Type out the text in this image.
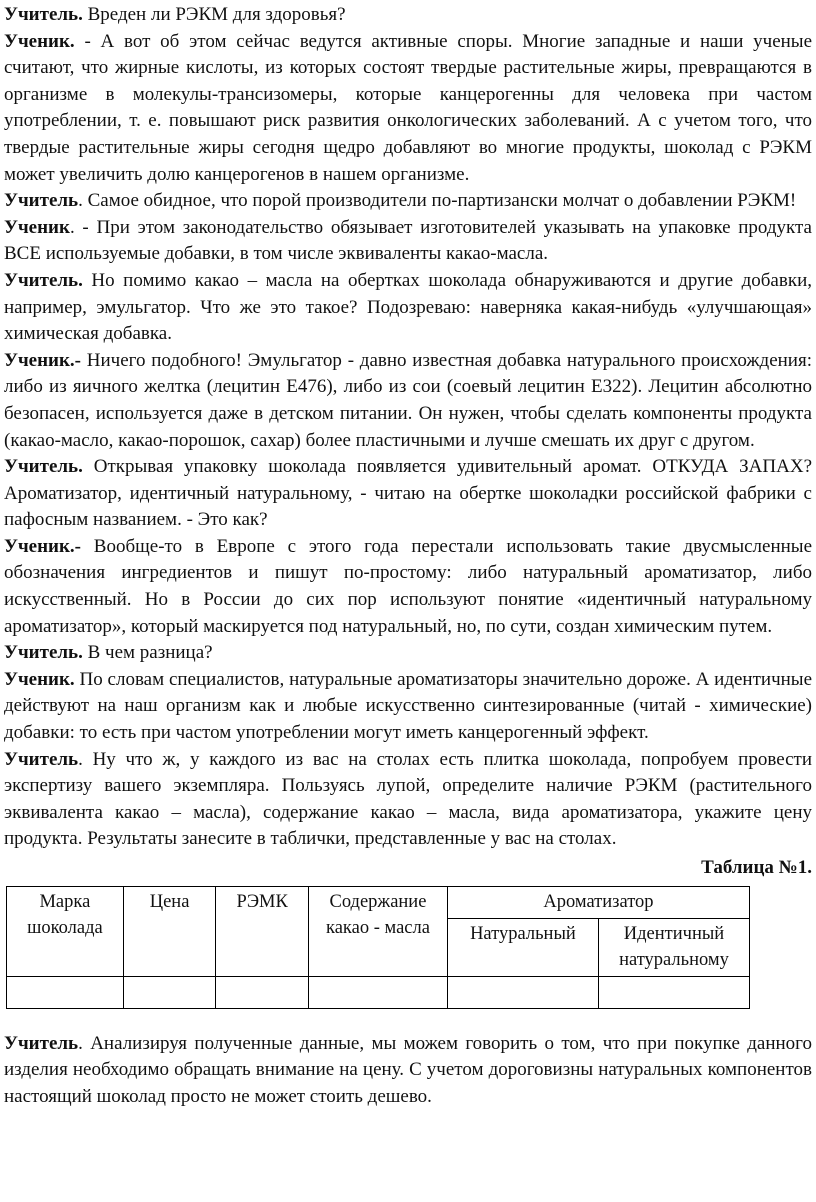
Учитель. Вреден ли РЭКМ для здоровья?

Ученик. - А вот об этом сейчас ведутся активные споры. Многие западные и наши ученые считают, что жирные кислоты, из которых состоят твердые растительные жиры, превращаются в организме в молекулы-трансизомеры, которые канцерогенны для человека при частом употреблении, т. е. повышают риск развития онкологических заболеваний. А с учетом того, что твердые растительные жиры сегодня щедро добавляют во многие продукты, шоколад с РЭКМ может увеличить долю канцерогенов в нашем организме.

Учитель. Самое обидное, что порой производители по-партизански молчат о добавлении РЭКМ!

Ученик. - При этом законодательство обязывает изготовителей указывать на упаковке продукта ВСЕ используемые добавки, в том числе эквиваленты какао-масла.

Учитель. Но помимо какао – масла на обертках шоколада обнаруживаются и другие добавки, например, эмульгатор. Что же это такое? Подозреваю: наверняка какая-нибудь «улучшающая» химическая добавка.

Ученик.- Ничего подобного! Эмульгатор - давно известная добавка натурального происхождения: либо из яичного желтка (лецитин Е476), либо из сои (соевый лецитин Е322). Лецитин абсолютно безопасен, используется даже в детском питании. Он нужен, чтобы сделать компоненты продукта (какао-масло, какао-порошок, сахар) более пластичными и лучше смешать их друг с другом.

Учитель. Открывая упаковку шоколада появляется удивительный аромат. ОТКУДА ЗАПАХ? Ароматизатор, идентичный натуральному, - читаю на обертке шоколадки российской фабрики с пафосным названием. - Это как?

Ученик.- Вообще-то в Европе с этого года перестали использовать такие двусмысленные обозначения ингредиентов и пишут по-простому: либо натуральный ароматизатор, либо искусственный. Но в России до сих пор используют понятие «идентичный натуральному ароматизатор», который маскируется под натуральный, но, по сути, создан химическим путем.

Учитель. В чем разница?

Ученик. По словам специалистов, натуральные ароматизаторы значительно дороже. А идентичные действуют на наш организм как и любые искусственно синтезированные (читай - химические) добавки: то есть при частом употреблении могут иметь канцерогенный эффект.

Учитель. Ну что ж, у каждого из вас на столах есть плитка шоколада, попробуем провести экспертизу вашего экземпляра. Пользуясь лупой, определите наличие РЭКМ (растительного эквивалента какао – масла), содержание какао – масла, вида ароматизатора, укажите цену продукта. Результаты занесите в таблички, представленные у вас на столах.

Таблица №1.
Марка шоколада	Цена	РЭМК	Содержание какао - масла	Ароматизатор	
				Натуральный	Идентичный натуральному

Учитель. Анализируя полученные данные, мы можем говорить о том, что при покупке данного изделия необходимо обращать внимание на цену. С учетом дороговизны натуральных компонентов настоящий шоколад просто не может стоить дешево.
